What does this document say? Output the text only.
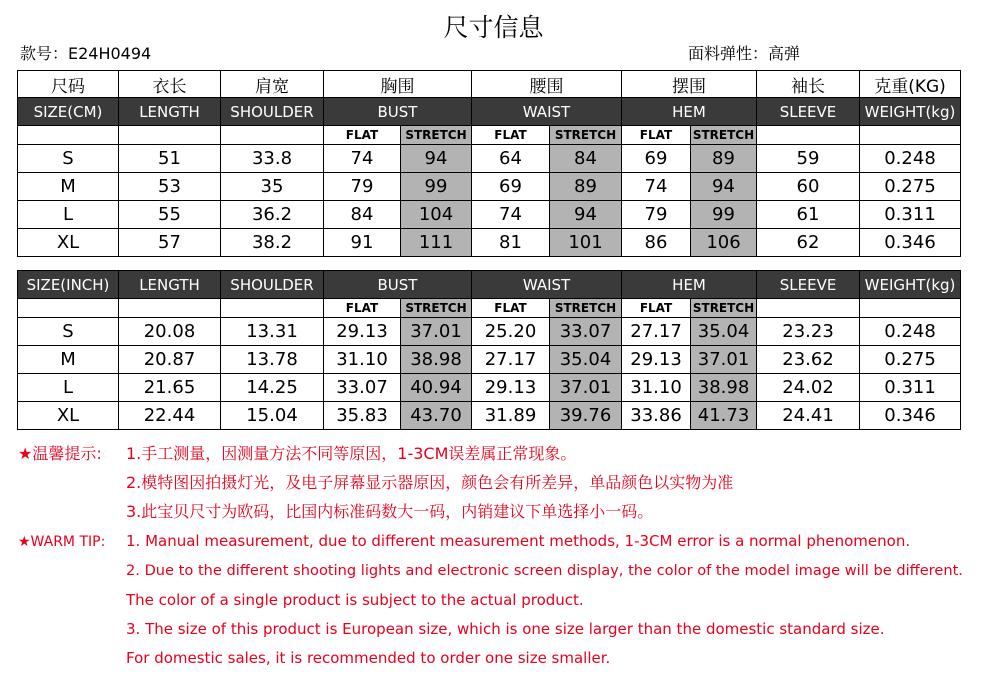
尺寸信息
款号：E24H0494	面料弹性：高弹
尺码	衣长	肩宽	胸围		腰围		摆围		袖长	克重(KG)
SIZE(CM)	LENGTH	SHOULDER	BUST		WAIST		HEM		SLEEVE	WEIGHT(kg)
			FLAT	STRETCH	FLAT	STRETCH	FLAT	STRETCH		
S	51	33.8	74	94	64	84	69	89	59	0.248
M	53	35	79	99	69	89	74	94	60	0.275
L	55	36.2	84	104	74	94	79	99	61	0.311
XL	57	38.2	91	111	81	101	86	106	62	0.346
SIZE(INCH)	LENGTH	SHOULDER	BUST		WAIST		HEM		SLEEVE	WEIGHT(kg)
			FLAT	STRETCH	FLAT	STRETCH	FLAT	STRETCH		
S	20.08	13.31	29.13	37.01	25.20	33.07	27.17	35.04	23.23	0.248
M	20.87	13.78	31.10	38.98	27.17	35.04	29.13	37.01	23.62	0.275
L	21.65	14.25	33.07	40.94	29.13	37.01	31.10	38.98	24.02	0.311
XL	22.44	15.04	35.83	43.70	31.89	39.76	33.86	41.73	24.41	0.346
★温馨提示: 1.手工测量，因测量方法不同等原因，1-3CM误差属正常现象。
2.模特图因拍摄灯光，及电子屏幕显示器原因，颜色会有所差异，单品颜色以实物为准
3.此宝贝尺寸为欧码，比国内标准码数大一码，内销建议下单选择小一码。
★WARM TIP: 1. Manual measurement, due to different measurement methods, 1-3CM error is a normal phenomenon.
2. Due to the different shooting lights and electronic screen display, the color of the model image will be different.
The color of a single product is subject to the actual product.
3. The size of this product is European size, which is one size larger than the domestic standard size.
For domestic sales, it is recommended to order one size smaller.
